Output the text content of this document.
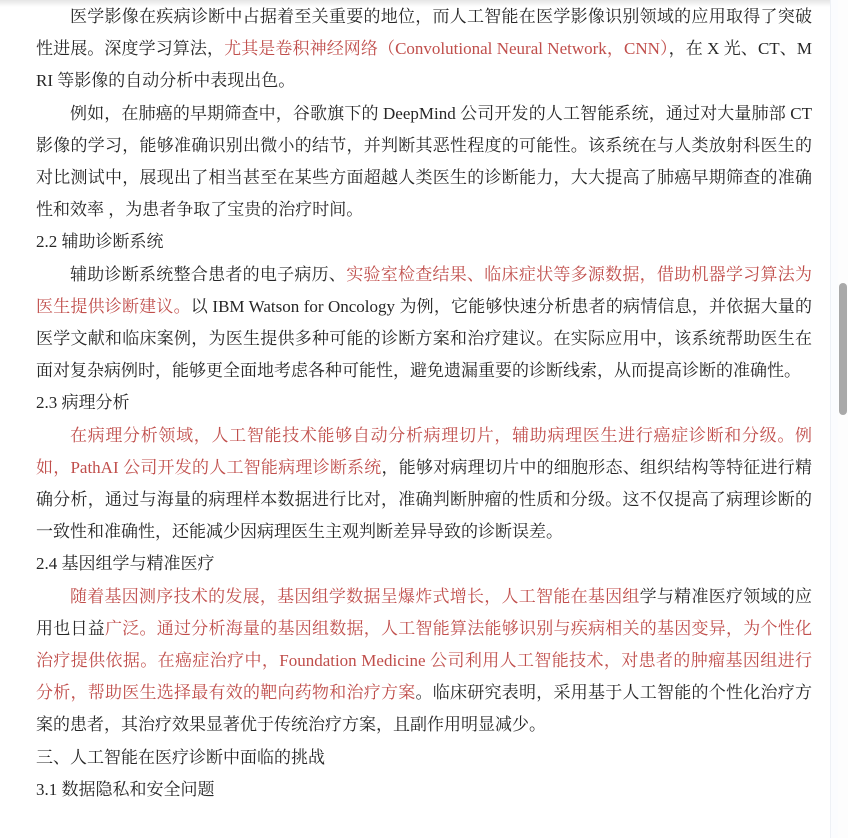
医学影像在疾病诊断中占据着至关重要的地位，而人工智能在医学影像识别领域的应用取得了突破性进展。深度学习算法，尤其是卷积神经网络（Convolutional Neural Network，CNN），在 X 光、CT、MRI 等影像的自动分析中表现出色。

例如，在肺癌的早期筛查中，谷歌旗下的 DeepMind 公司开发的人工智能系统，通过对大量肺部 CT 影像的学习，能够准确识别出微小的结节，并判断其恶性程度的可能性。该系统在与人类放射科医生的对比测试中，展现出了相当甚至在某些方面超越人类医生的诊断能力，大大提高了肺癌早期筛查的准确性和效率 ，为患者争取了宝贵的治疗时间。

2.2 辅助诊断系统

辅助诊断系统整合患者的电子病历、实验室检查结果、临床症状等多源数据，借助机器学习算法为医生提供诊断建议。以 IBM Watson for Oncology 为例，它能够快速分析患者的病情信息，并依据大量的医学文献和临床案例，为医生提供多种可能的诊断方案和治疗建议。在实际应用中，该系统帮助医生在面对复杂病例时，能够更全面地考虑各种可能性，避免遗漏重要的诊断线索，从而提高诊断的准确性。

2.3 病理分析

在病理分析领域，人工智能技术能够自动分析病理切片，辅助病理医生进行癌症诊断和分级。例如，PathAI 公司开发的人工智能病理诊断系统，能够对病理切片中的细胞形态、组织结构等特征进行精确分析，通过与海量的病理样本数据进行比对，准确判断肿瘤的性质和分级。这不仅提高了病理诊断的一致性和准确性，还能减少因病理医生主观判断差异导致的诊断误差。

2.4 基因组学与精准医疗

随着基因测序技术的发展，基因组学数据呈爆炸式增长，人工智能在基因组学与精准医疗领域的应用也日益广泛。通过分析海量的基因组数据，人工智能算法能够识别与疾病相关的基因变异，为个性化治疗提供依据。在癌症治疗中，Foundation Medicine 公司利用人工智能技术，对患者的肿瘤基因组进行分析，帮助医生选择最有效的靶向药物和治疗方案。临床研究表明，采用基于人工智能的个性化治疗方案的患者，其治疗效果显著优于传统治疗方案，且副作用明显减少。

三、人工智能在医疗诊断中面临的挑战

3.1 数据隐私和安全问题
